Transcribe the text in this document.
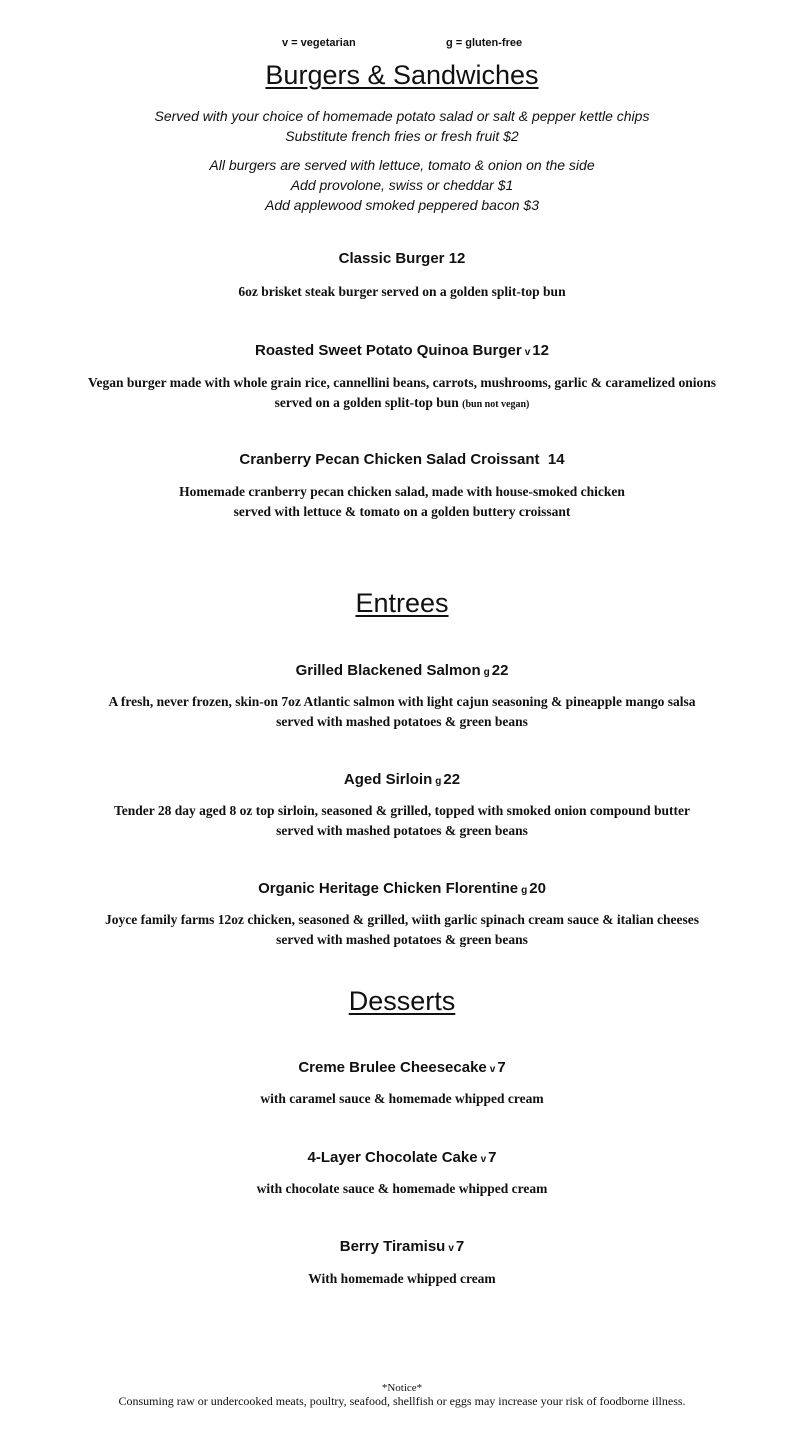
v = vegetarian	g = gluten-free
Burgers & Sandwiches
Served with your choice of homemade potato salad or salt & pepper kettle chips
Substitute french fries or fresh fruit $2
All burgers are served with lettuce, tomato & onion on the side
Add provolone, swiss or cheddar $1
Add applewood smoked peppered bacon $3
Classic Burger 12
6oz brisket steak burger served on a golden split-top bun
Roasted Sweet Potato Quinoa Burger v 12
Vegan burger made with whole grain rice, cannellini beans, carrots, mushrooms, garlic & caramelized onions
served on a golden split-top bun (bun not vegan)
Cranberry Pecan Chicken Salad Croissant 14
Homemade cranberry pecan chicken salad, made with house-smoked chicken
served with lettuce & tomato on a golden buttery croissant
Entrees
Grilled Blackened Salmon g 22
A fresh, never frozen, skin-on 7oz Atlantic salmon with light cajun seasoning & pineapple mango salsa
served with mashed potatoes & green beans
Aged Sirloin g 22
Tender 28 day aged 8 oz top sirloin, seasoned & grilled, topped with smoked onion compound butter
served with mashed potatoes & green beans
Organic Heritage Chicken Florentine g 20
Joyce family farms 12oz chicken, seasoned & grilled, wiith garlic spinach cream sauce & italian cheeses
served with mashed potatoes & green beans
Desserts
Creme Brulee Cheesecake v 7
with caramel sauce & homemade whipped cream
4-Layer Chocolate Cake v 7
with chocolate sauce & homemade whipped cream
Berry Tiramisu v 7
With homemade whipped cream
*Notice*
Consuming raw or undercooked meats, poultry, seafood, shellfish or eggs may increase your risk of foodborne illness.
